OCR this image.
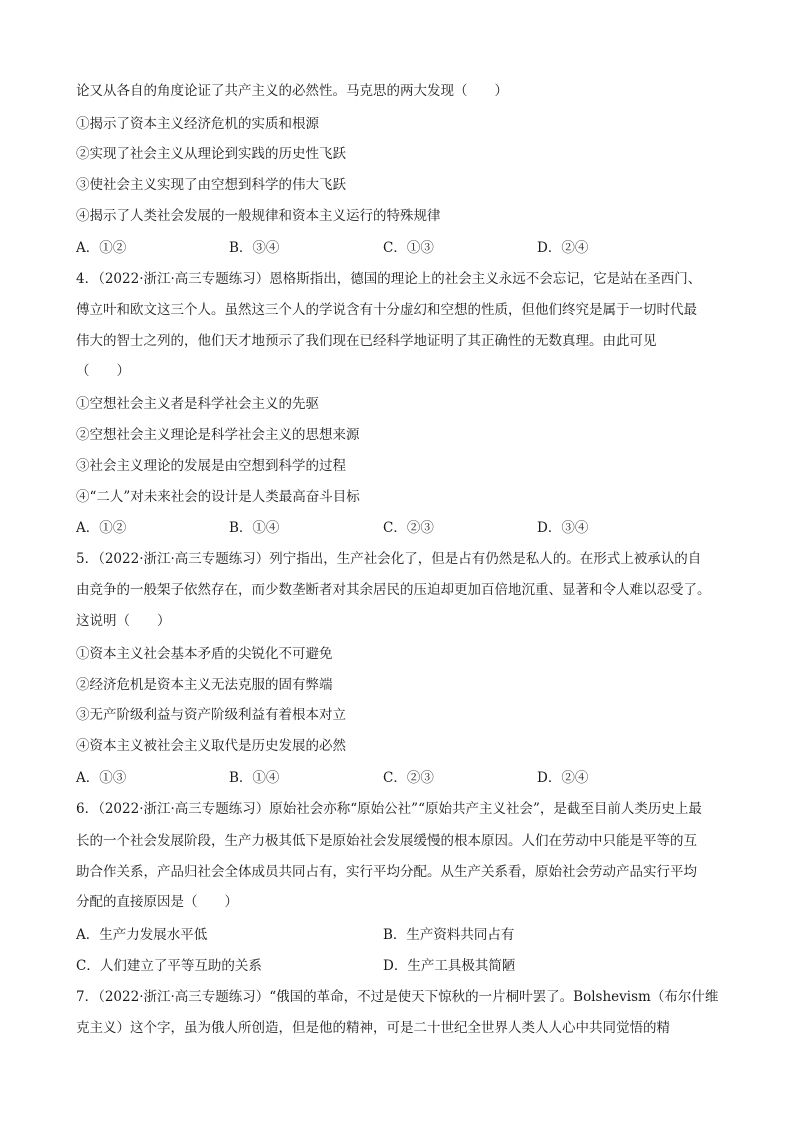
论又从各自的角度论证了共产主义的必然性。马克思的两大发现（　　）
①揭示了资本主义经济危机的实质和根源
②实现了社会主义从理论到实践的历史性飞跃
③使社会主义实现了由空想到科学的伟大飞跃
④揭示了人类社会发展的一般规律和资本主义运行的特殊规律
A．①②	B．③④	C．①③	D．②④
4．（2022·浙江·高三专题练习）恩格斯指出，德国的理论上的社会主义永远不会忘记，它是站在圣西门、
傅立叶和欧文这三个人。虽然这三个人的学说含有十分虚幻和空想的性质，但他们终究是属于一切时代最
伟大的智士之列的，他们天才地预示了我们现在已经科学地证明了其正确性的无数真理。由此可见
（　　）
①空想社会主义者是科学社会主义的先驱
②空想社会主义理论是科学社会主义的思想来源
③社会主义理论的发展是由空想到科学的过程
④“二人”对未来社会的设计是人类最高奋斗目标
A．①②	B．①④	C．②③	D．③④
5．（2022·浙江·高三专题练习）列宁指出，生产社会化了，但是占有仍然是私人的。在形式上被承认的自
由竞争的一般架子依然存在，而少数垄断者对其余居民的压迫却更加百倍地沉重、显著和令人难以忍受了。
这说明（　　）
①资本主义社会基本矛盾的尖锐化不可避免
②经济危机是资本主义无法克服的固有弊端
③无产阶级利益与资产阶级利益有着根本对立
④资本主义被社会主义取代是历史发展的必然
A．①③	B．①④	C．②③	D．②④
6．（2022·浙江·高三专题练习）原始社会亦称“原始公社”“原始共产主义社会”，是截至目前人类历史上最
长的一个社会发展阶段，生产力极其低下是原始社会发展缓慢的根本原因。人们在劳动中只能是平等的互
助合作关系，产品归社会全体成员共同占有，实行平均分配。从生产关系看，原始社会劳动产品实行平均
分配的直接原因是（　　）
A．生产力发展水平低	B．生产资料共同占有
C．人们建立了平等互助的关系	D．生产工具极其简陋
7．（2022·浙江·高三专题练习）“俄国的革命，不过是使天下惊秋的一片桐叶罢了。Bolshevism（布尔什维
克主义）这个字，虽为俄人所创造，但是他的精神，可是二十世纪全世界人类人人心中共同觉悟的精
